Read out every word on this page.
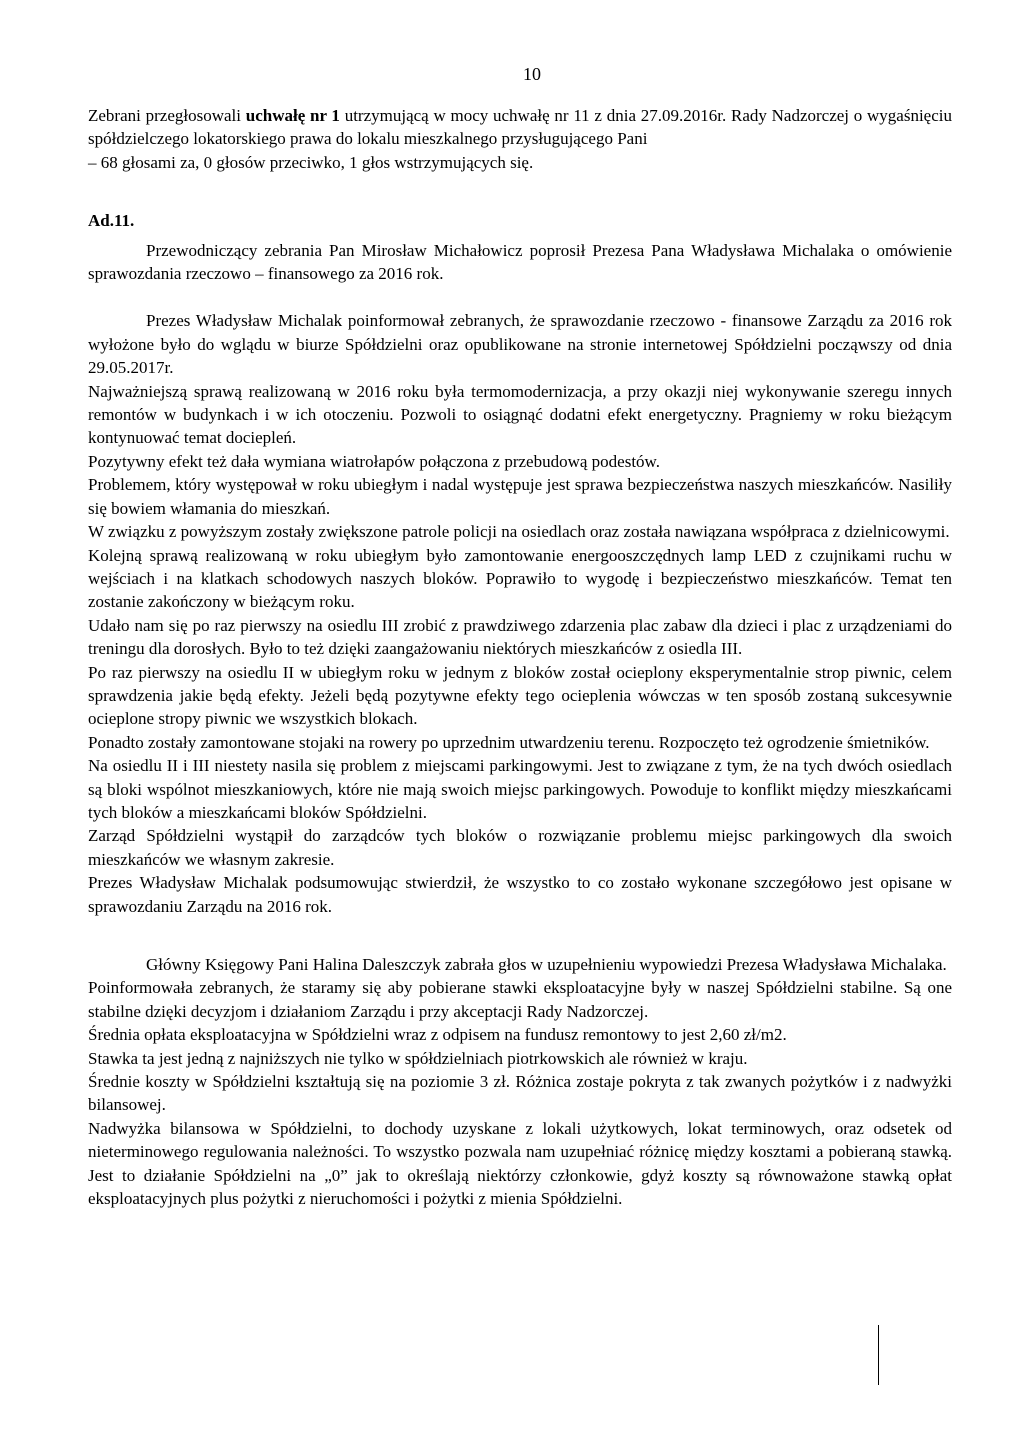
10

Zebrani przegłosowali uchwałę nr 1 utrzymującą w mocy uchwałę nr 11 z dnia 27.09.2016r. Rady Nadzorczej o wygaśnięciu spółdzielczego lokatorskiego prawa do lokalu mieszkalnego przysługującego Pani

– 68 głosami za, 0 głosów przeciwko, 1 głos wstrzymujących się.

Ad.11.

Przewodniczący zebrania Pan Mirosław Michałowicz poprosił Prezesa Pana Władysława Michalaka o omówienie sprawozdania rzeczowo – finansowego za 2016 rok.

Prezes Władysław Michalak poinformował zebranych, że sprawozdanie rzeczowo - finansowe Zarządu za 2016 rok wyłożone było do wglądu w biurze Spółdzielni oraz opublikowane na stronie internetowej Spółdzielni począwszy od dnia 29.05.2017r.

Najważniejszą sprawą realizowaną w 2016 roku była termomodernizacja, a przy okazji niej wykonywanie szeregu innych remontów w budynkach i w ich otoczeniu. Pozwoli to osiągnąć dodatni efekt energetyczny. Pragniemy w roku bieżącym kontynuować temat dociepleń.

Pozytywny efekt też dała wymiana wiatrołapów połączona z przebudową podestów.

Problemem, który występował w roku ubiegłym i nadal występuje jest sprawa bezpieczeństwa naszych mieszkańców. Nasiliły się bowiem włamania do mieszkań.

W związku z powyższym zostały zwiększone patrole policji na osiedlach oraz została nawiązana współpraca z dzielnicowymi.

Kolejną sprawą realizowaną w roku ubiegłym było zamontowanie energooszczędnych lamp LED z czujnikami ruchu w wejściach i na klatkach schodowych naszych bloków. Poprawiło to wygodę i bezpieczeństwo mieszkańców. Temat ten zostanie zakończony w bieżącym roku.

Udało nam się po raz pierwszy na osiedlu III zrobić z prawdziwego zdarzenia plac zabaw dla dzieci i plac z urządzeniami do treningu dla dorosłych. Było to też dzięki zaangażowaniu niektórych mieszkańców z osiedla III.

Po raz pierwszy na osiedlu II w ubiegłym roku w jednym z bloków został ocieplony eksperymentalnie strop piwnic, celem sprawdzenia jakie będą efekty. Jeżeli będą pozytywne efekty tego ocieplenia wówczas w ten sposób zostaną sukcesywnie ocieplone stropy piwnic we wszystkich blokach.

Ponadto zostały zamontowane stojaki na rowery po uprzednim utwardzeniu terenu. Rozpoczęto też ogrodzenie śmietników.

Na osiedlu II i III niestety nasila się problem z miejscami parkingowymi. Jest to związane z tym, że na tych dwóch osiedlach są bloki wspólnot mieszkaniowych, które nie mają swoich miejsc parkingowych. Powoduje to konflikt między mieszkańcami tych bloków a mieszkańcami bloków Spółdzielni.

Zarząd Spółdzielni wystąpił do zarządców tych bloków o rozwiązanie problemu miejsc parkingowych dla swoich mieszkańców we własnym zakresie.

Prezes Władysław Michalak podsumowując stwierdził, że wszystko to co zostało wykonane szczegółowo jest opisane w sprawozdaniu Zarządu na 2016 rok.

Główny Księgowy Pani Halina Daleszczyk zabrała głos w uzupełnieniu wypowiedzi Prezesa Władysława Michalaka.

Poinformowała zebranych, że staramy się aby pobierane stawki eksploatacyjne były w naszej Spółdzielni stabilne. Są one stabilne dzięki decyzjom i działaniom Zarządu i przy akceptacji Rady Nadzorczej.

Średnia opłata eksploatacyjna w Spółdzielni wraz z odpisem na fundusz remontowy to jest 2,60 zł/m2.

Stawka ta jest jedną z najniższych nie tylko w spółdzielniach piotrkowskich ale również w kraju.

Średnie koszty w Spółdzielni kształtują się na poziomie 3 zł. Różnica zostaje pokryta z tak zwanych pożytków i z nadwyżki bilansowej.

Nadwyżka bilansowa w Spółdzielni, to dochody uzyskane z lokali użytkowych, lokat terminowych, oraz odsetek od nieterminowego regulowania należności. To wszystko pozwala nam uzupełniać różnicę między kosztami a pobieraną stawką. Jest to działanie Spółdzielni na „0” jak to określają niektórzy członkowie, gdyż koszty są równoważone stawką opłat eksploatacyjnych plus pożytki z nieruchomości i pożytki z mienia Spółdzielni.
